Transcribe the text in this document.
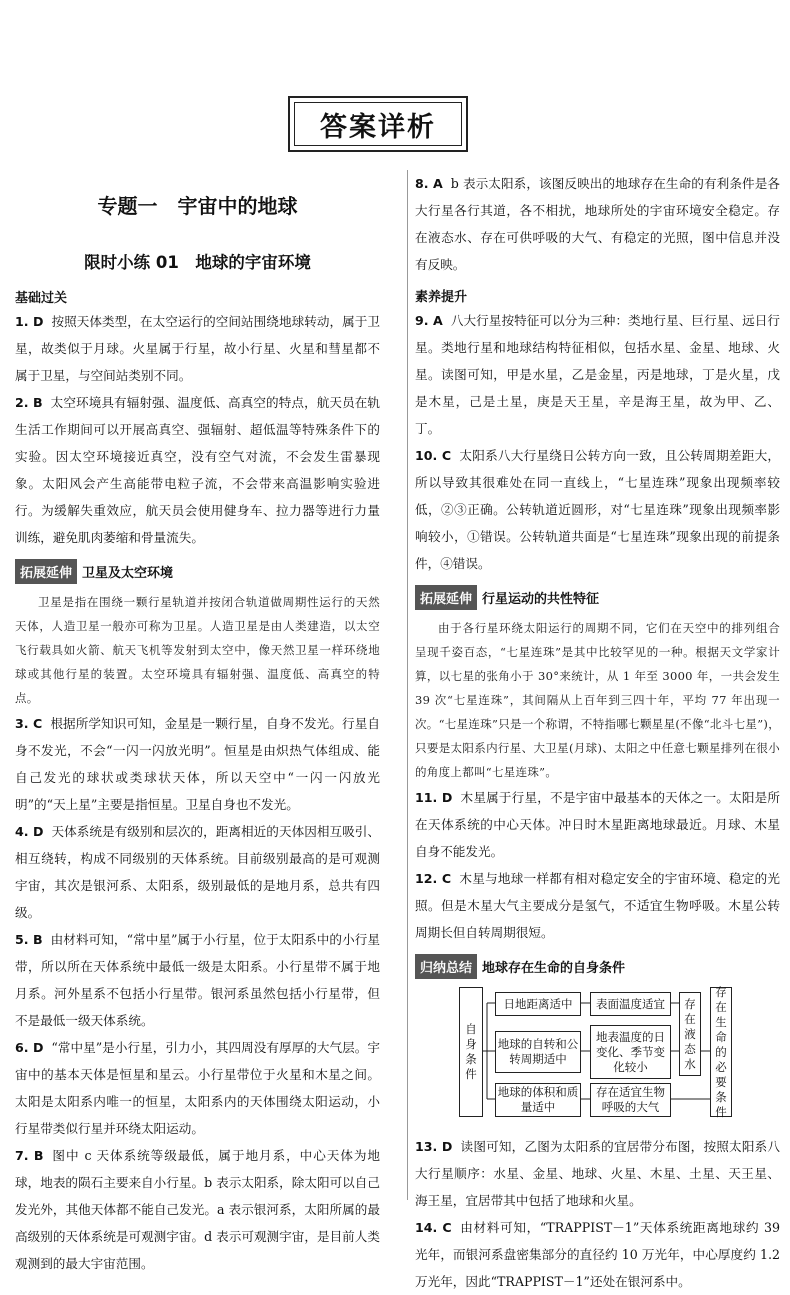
答案详析
专题一　宇宙中的地球
限时小练 01　地球的宇宙环境
基础过关

1. D 按照天体类型，在太空运行的空间站围绕地球转动，属于卫星，故类似于月球。火星属于行星，故小行星、火星和彗星都不属于卫星，与空间站类别不同。

2. B 太空环境具有辐射强、温度低、高真空的特点，航天员在轨生活工作期间可以开展高真空、强辐射、超低温等特殊条件下的实验。因太空环境接近真空，没有空气对流，不会发生雷暴现象。太阳风会产生高能带电粒子流，不会带来高温影响实验进行。为缓解失重效应，航天员会使用健身车、拉力器等进行力量训练，避免肌肉萎缩和骨量流失。

拓展延伸 卫星及太空环境

卫星是指在围绕一颗行星轨道并按闭合轨道做周期性运行的天然天体，人造卫星一般亦可称为卫星。人造卫星是由人类建造，以太空飞行载具如火箭、航天飞机等发射到太空中，像天然卫星一样环绕地球或其他行星的装置。太空环境具有辐射强、温度低、高真空的特点。

3. C 根据所学知识可知，金星是一颗行星，自身不发光。行星自身不发光，不会“一闪一闪放光明”。恒星是由炽热气体组成、能自己发光的球状或类球状天体，所以天空中“一闪一闪放光明”的“天上星”主要是指恒星。卫星自身也不发光。

4. D 天体系统是有级别和层次的，距离相近的天体因相互吸引、相互绕转，构成不同级别的天体系统。目前级别最高的是可观测宇宙，其次是银河系、太阳系，级别最低的是地月系，总共有四级。

5. B 由材料可知，“常中星”属于小行星，位于太阳系中的小行星带，所以所在天体系统中最低一级是太阳系。小行星带不属于地月系。河外星系不包括小行星带。银河系虽然包括小行星带，但不是最低一级天体系统。

6. D “常中星”是小行星，引力小，其四周没有厚厚的大气层。宇宙中的基本天体是恒星和星云。小行星带位于火星和木星之间。太阳是太阳系内唯一的恒星，太阳系内的天体围绕太阳运动，小行星带类似行星并环绕太阳运动。

7. B 图中 c 天体系统等级最低，属于地月系，中心天体为地球，地表的陨石主要来自小行星。b 表示太阳系，除太阳可以自己发光外，其他天体都不能自己发光。a 表示银河系，太阳所属的最高级别的天体系统是可观测宇宙。d 表示可观测宇宙，是目前人类观测到的最大宇宙范围。

8. A b 表示太阳系，该图反映出的地球存在生命的有利条件是各大行星各行其道，各不相扰，地球所处的宇宙环境安全稳定。存在液态水、存在可供呼吸的大气、有稳定的光照，图中信息并没有反映。

素养提升

9. A 八大行星按特征可以分为三种：类地行星、巨行星、远日行星。类地行星和地球结构特征相似，包括水星、金星、地球、火星。读图可知，甲是水星，乙是金星，丙是地球，丁是火星，戊是木星，己是土星，庚是天王星，辛是海王星，故为甲、乙、丁。

10. C 太阳系八大行星绕日公转方向一致，且公转周期差距大，所以导致其很难处在同一直线上，“七星连珠”现象出现频率较低，②③正确。公转轨道近圆形，对“七星连珠”现象出现频率影响较小，①错误。公转轨道共面是“七星连珠”现象出现的前提条件，④错误。

拓展延伸 行星运动的共性特征

由于各行星环绕太阳运行的周期不同，它们在天空中的排列组合呈现千姿百态，“七星连珠”是其中比较罕见的一种。根据天文学家计算，以七星的张角小于 30°来统计，从 1 年至 3000 年，一共会发生 39 次“七星连珠”，其间隔从上百年到三四十年，平均 77 年出现一次。“七星连珠”只是一个称谓，不特指哪七颗星星(不像“北斗七星”)，只要是太阳系内行星、大卫星(月球)、太阳之中任意七颗星排列在很小的角度上都叫“七星连珠”。

11. D 木星属于行星，不是宇宙中最基本的天体之一。太阳是所在天体系统的中心天体。冲日时木星距离地球最近。月球、木星自身不能发光。

12. C 木星与地球一样都有相对稳定安全的宇宙环境、稳定的光照。但是木星大气主要成分是氢气，不适宜生物呼吸。木星公转周期长但自转周期很短。

归纳总结 地球存在生命的自身条件
自身条件
日地距离适中
地球的自转和公转周期适中
地球的体积和质量适中
表面温度适宜
地表温度的日变化、季节变化较小
存在适宜生物呼吸的大气
存在液态水
存在生命的必要条件

13. D 读图可知，乙图为太阳系的宜居带分布图，按照太阳系八大行星顺序：水星、金星、地球、火星、木星、土星、天王星、海王星，宜居带其中包括了地球和火星。

14. C 由材料可知，“TRAPPIST－1”天体系统距离地球约 39 光年，而银河系盘密集部分的直径约 10 万光年，中心厚度约 1.2 万光年，因此“TRAPPIST－1”还处在银河系中。
